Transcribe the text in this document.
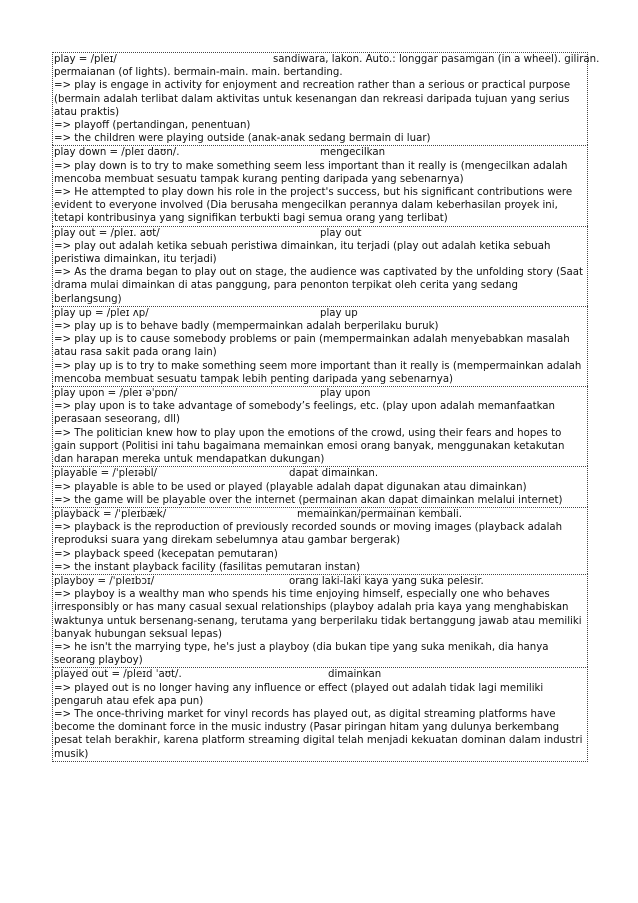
play = /pleɪ/	sandiwara, lakon. Auto.: longgar pasamgan (in a wheel). giliran.
permaianan (of lights). bermain-main. main. bertanding.
=> play is engage in activity for enjoyment and recreation rather than a serious or practical purpose (bermain adalah terlibat dalam aktivitas untuk kesenangan dan rekreasi daripada tujuan yang serius atau praktis)
=> playoff (pertandingan, penentuan)
=> the children were playing outside (anak-anak sedang bermain di luar)
play down = /pleɪ daʊn/.	mengecilkan
=> play down is to try to make something seem less important than it really is (mengecilkan adalah mencoba membuat sesuatu tampak kurang penting daripada yang sebenarnya)
=> He attempted to play down his role in the project's success, but his significant contributions were evident to everyone involved (Dia berusaha mengecilkan perannya dalam keberhasilan proyek ini, tetapi kontribusinya yang signifikan terbukti bagi semua orang yang terlibat)
play out = /pleɪ. aʊt/	play out
=> play out adalah ketika sebuah peristiwa dimainkan, itu terjadi (play out adalah ketika sebuah peristiwa dimainkan, itu terjadi)
=> As the drama began to play out on stage, the audience was captivated by the unfolding story (Saat drama mulai dimainkan di atas panggung, para penonton terpikat oleh cerita yang sedang berlangsung)
play up = /pleɪ ʌp/	play up
=> play up is to behave badly (mempermainkan adalah berperilaku buruk)
=> play up is to cause somebody problems or pain (mempermainkan adalah menyebabkan masalah atau rasa sakit pada orang lain)
=> play up is to try to make something seem more important than it really is (mempermainkan adalah mencoba membuat sesuatu tampak lebih penting daripada yang sebenarnya)
play upon = /pleɪ əˈpɒn/	play upon
=> play upon is to take advantage of somebody’s feelings, etc. (play upon adalah memanfaatkan perasaan seseorang, dll)
=> The politician knew how to play upon the emotions of the crowd, using their fears and hopes to gain support (Politisi ini tahu bagaimana memainkan emosi orang banyak, menggunakan ketakutan dan harapan mereka untuk mendapatkan dukungan)
playable = /ˈpleɪəbl/	dapat dimainkan.
=> playable is able to be used or played (playable adalah dapat digunakan atau dimainkan)
=> the game will be playable over the internet (permainan akan dapat dimainkan melalui internet)
playback = /ˈpleɪbæk/	memainkan/permainan kembali.
=> playback is the reproduction of previously recorded sounds or moving images (playback adalah reproduksi suara yang direkam sebelumnya atau gambar bergerak)
=> playback speed (kecepatan pemutaran)
=> the instant playback facility (fasilitas pemutaran instan)
playboy = /ˈpleɪbɔɪ/	orang laki-laki kaya yang suka pelesir.
=> playboy is a wealthy man who spends his time enjoying himself, especially one who behaves irresponsibly or has many casual sexual relationships (playboy adalah pria kaya yang menghabiskan waktunya untuk bersenang-senang, terutama yang berperilaku tidak bertanggung jawab atau memiliki banyak hubungan seksual lepas)
=> he isn't the marrying type, he's just a playboy (dia bukan tipe yang suka menikah, dia hanya seorang playboy)
played out = /pleɪd ˈaʊt/.	dimainkan
=> played out is no longer having any influence or effect (played out adalah tidak lagi memiliki pengaruh atau efek apa pun)
=> The once-thriving market for vinyl records has played out, as digital streaming platforms have become the dominant force in the music industry (Pasar piringan hitam yang dulunya berkembang pesat telah berakhir, karena platform streaming digital telah menjadi kekuatan dominan dalam industri musik)
